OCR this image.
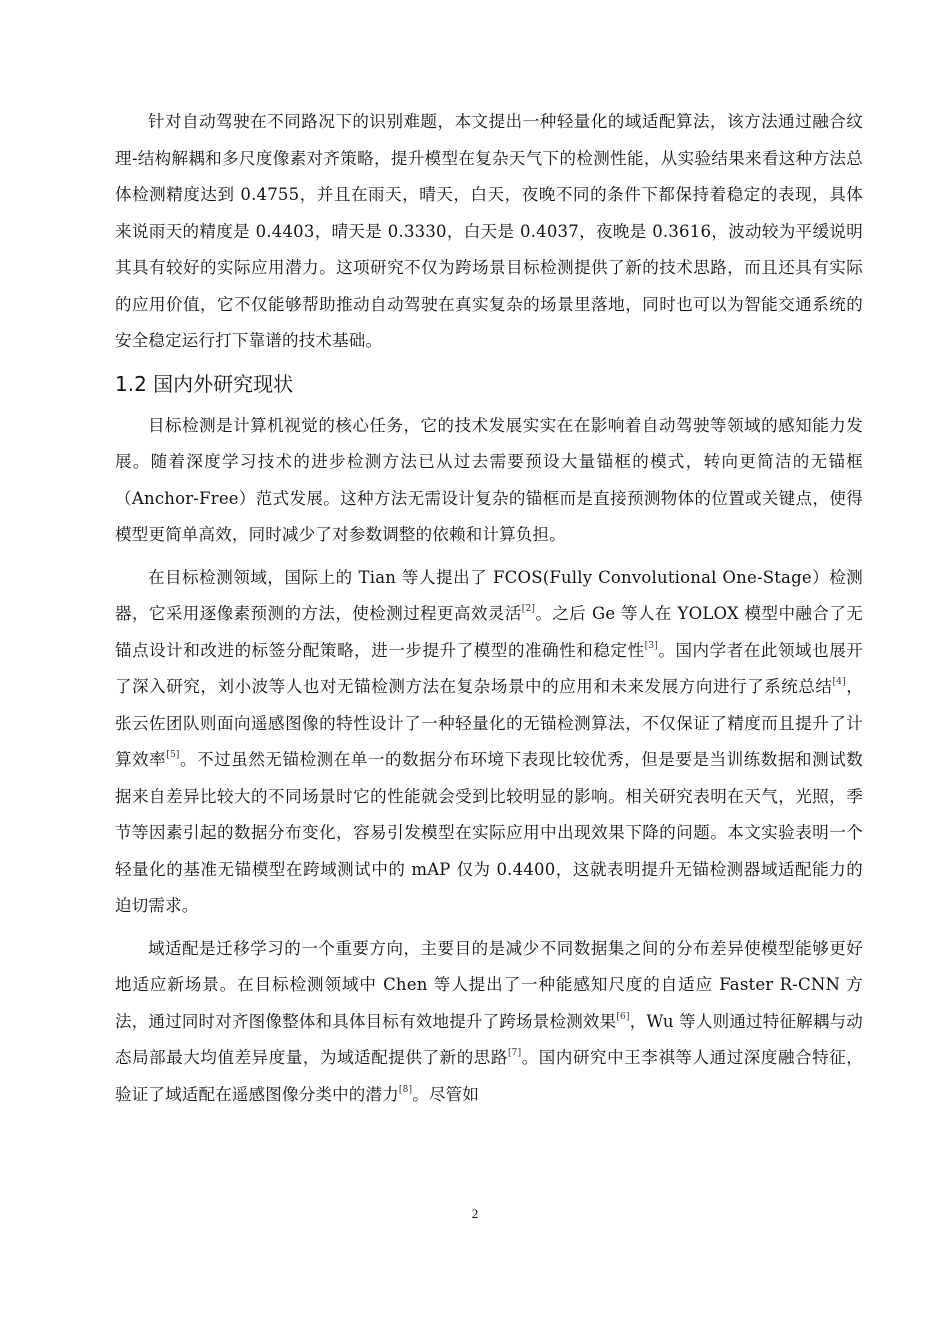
针对自动驾驶在不同路况下的识别难题，本文提出一种轻量化的域适配算法，该方法通过融合纹理-结构解耦和多尺度像素对齐策略，提升模型在复杂天气下的检测性能，从实验结果来看这种方法总体检测精度达到 0.4755，并且在雨天，晴天，白天，夜晚不同的条件下都保持着稳定的表现，具体来说雨天的精度是 0.4403，晴天是 0.3330，白天是 0.4037，夜晚是 0.3616，波动较为平缓说明其具有较好的实际应用潜力。这项研究不仅为跨场景目标检测提供了新的技术思路，而且还具有实际的应用价值，它不仅能够帮助推动自动驾驶在真实复杂的场景里落地，同时也可以为智能交通系统的安全稳定运行打下靠谱的技术基础。

1.2 国内外研究现状

目标检测是计算机视觉的核心任务，它的技术发展实实在在影响着自动驾驶等领域的感知能力发展。随着深度学习技术的进步检测方法已从过去需要预设大量锚框的模式，转向更简洁的无锚框（Anchor-Free）范式发展。这种方法无需设计复杂的锚框而是直接预测物体的位置或关键点，使得模型更简单高效，同时减少了对参数调整的依赖和计算负担。

在目标检测领域，国际上的 Tian 等人提出了 FCOS(Fully Convolutional One-Stage）检测器，它采用逐像素预测的方法，使检测过程更高效灵活[2]。之后 Ge 等人在 YOLOX 模型中融合了无锚点设计和改进的标签分配策略，进一步提升了模型的准确性和稳定性[3]。国内学者在此领域也展开了深入研究，刘小波等人也对无锚检测方法在复杂场景中的应用和未来发展方向进行了系统总结[4]，张云佐团队则面向遥感图像的特性设计了一种轻量化的无锚检测算法，不仅保证了精度而且提升了计算效率[5]。不过虽然无锚检测在单一的数据分布环境下表现比较优秀，但是要是当训练数据和测试数据来自差异比较大的不同场景时它的性能就会受到比较明显的影响。相关研究表明在天气，光照，季节等因素引起的数据分布变化，容易引发模型在实际应用中出现效果下降的问题。本文实验表明一个轻量化的基准无锚模型在跨域测试中的 mAP 仅为 0.4400，这就表明提升无锚检测器域适配能力的迫切需求。

域适配是迁移学习的一个重要方向，主要目的是减少不同数据集之间的分布差异使模型能够更好地适应新场景。在目标检测领域中 Chen 等人提出了一种能感知尺度的自适应 Faster R-CNN 方法，通过同时对齐图像整体和具体目标有效地提升了跨场景检测效果[6]，Wu 等人则通过特征解耦与动态局部最大均值差异度量，为域适配提供了新的思路[7]。国内研究中王李祺等人通过深度融合特征，验证了域适配在遥感图像分类中的潜力[8]。尽管如

2
